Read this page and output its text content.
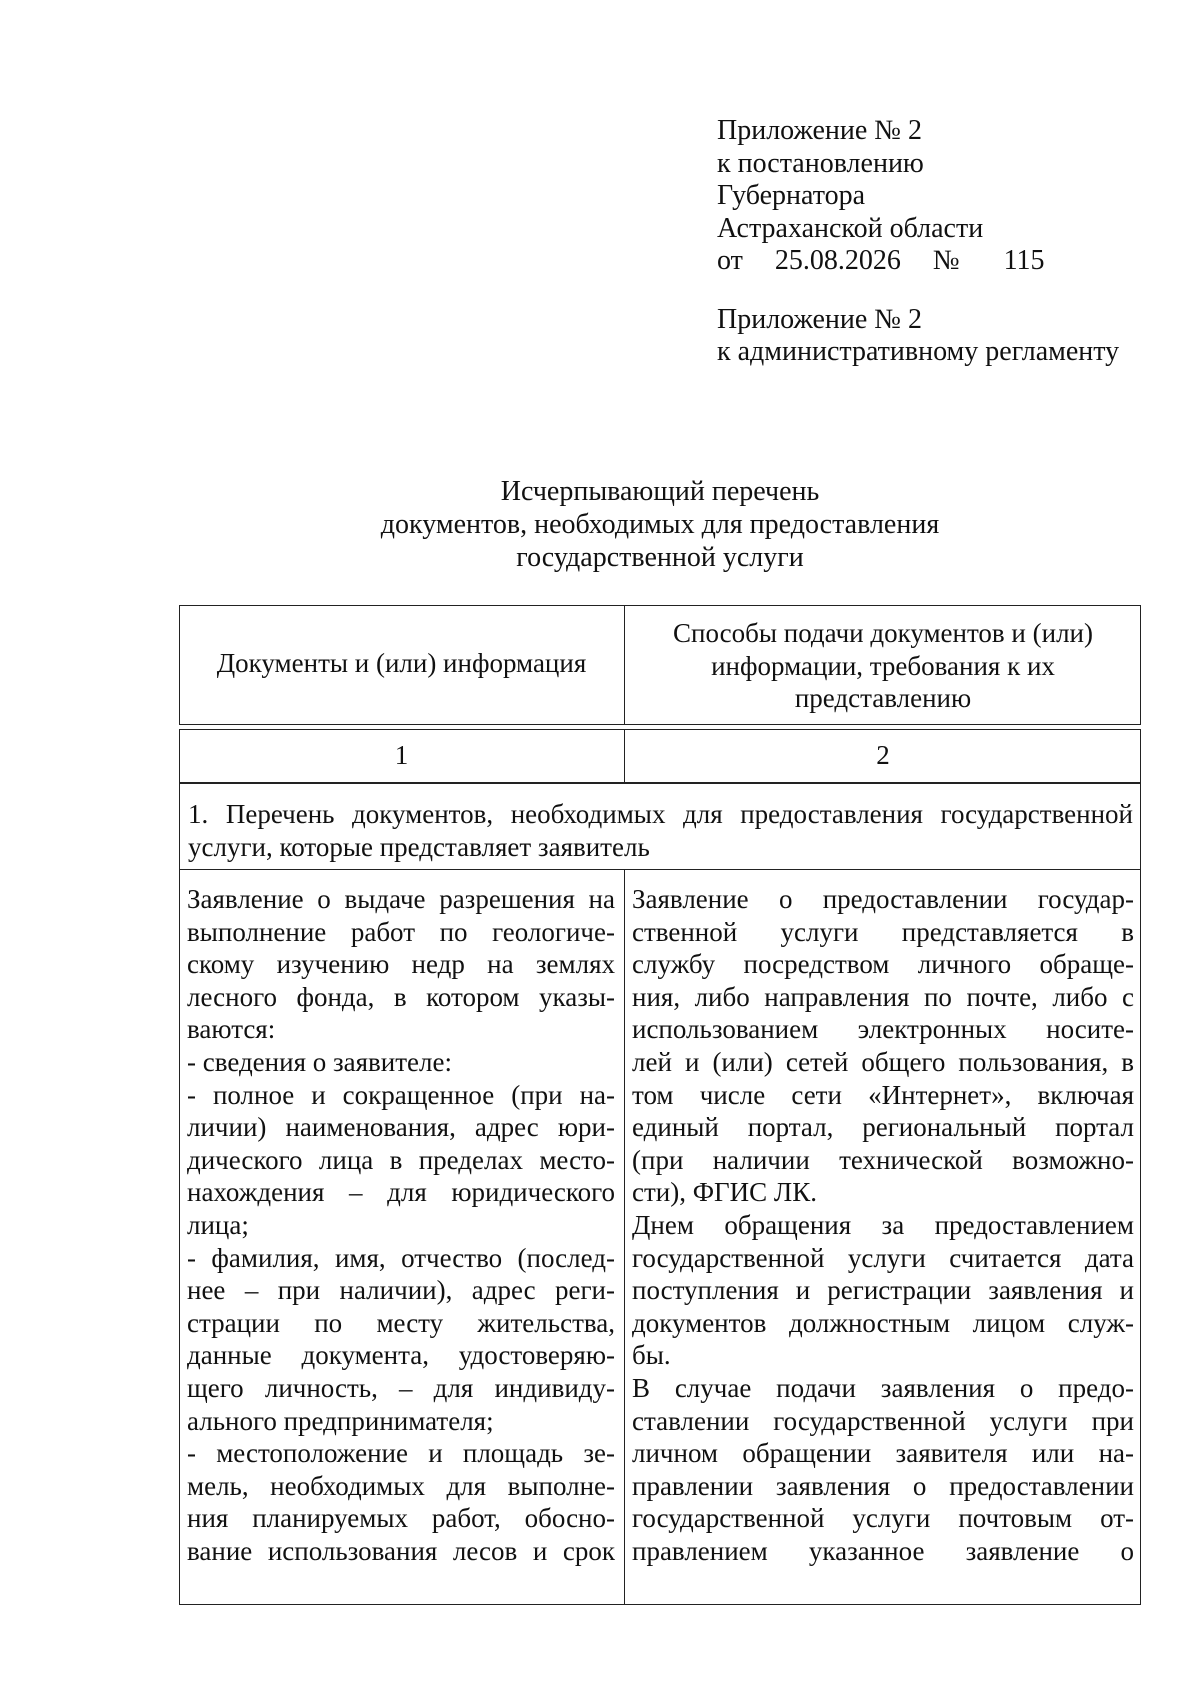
Приложение № 2
к постановлению
Губернатора
Астраханской области
от 25.08.2026 № 115
Приложение № 2
к административному регламенту
Исчерпывающий перечень
документов, необходимых для предоставления
государственной услуги
Документы и (или) информация
Способы подачи документов и (или)
информации, требования к их
представлению
1	2
1. Перечень документов, необходимых для предоставления государственной
услуги, которые представляет заявитель
Заявление о выдаче разрешения на
выполнение работ по геологиче-
скому изучению недр на землях
лесного фонда, в котором указы-
ваются:
- сведения о заявителе:
- полное и сокращенное (при на-
личии) наименования, адрес юри-
дического лица в пределах место-
нахождения – для юридического
лица;
- фамилия, имя, отчество (послед-
нее – при наличии), адрес реги-
страции по месту жительства,
данные документа, удостоверяю-
щего личность, – для индивиду-
ального предпринимателя;
- местоположение и площадь зе-
мель, необходимых для выполне-
ния планируемых работ, обосно-
вание использования лесов и срок
Заявление о предоставлении государ-
ственной услуги представляется в
службу посредством личного обраще-
ния, либо направления по почте, либо с
использованием электронных носите-
лей и (или) сетей общего пользования, в
том числе сети «Интернет», включая
единый портал, региональный портал
(при наличии технической возможно-
сти), ФГИС ЛК.
Днем обращения за предоставлением
государственной услуги считается дата
поступления и регистрации заявления и
документов должностным лицом служ-
бы.
В случае подачи заявления о предо-
ставлении государственной услуги при
личном обращении заявителя или на-
правлении заявления о предоставлении
государственной услуги почтовым от-
правлением указанное заявление о
